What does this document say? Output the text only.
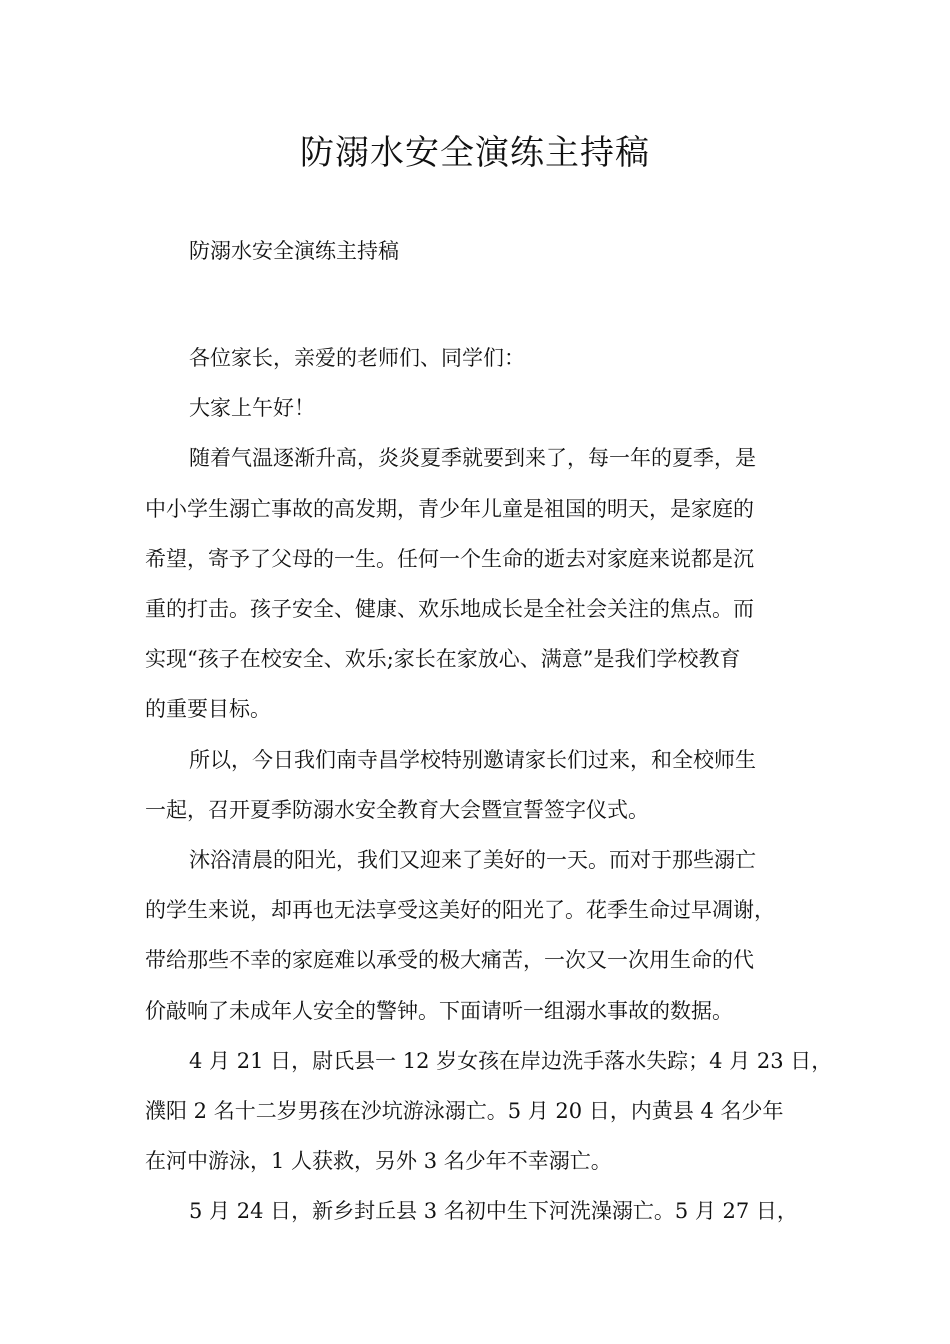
防溺水安全演练主持稿

防溺水安全演练主持稿

各位家长，亲爱的老师们、同学们：

大家上午好！

随着气温逐渐升高，炎炎夏季就要到来了，每一年的夏季，是
中小学生溺亡事故的高发期，青少年儿童是祖国的明天，是家庭的
希望，寄予了父母的一生。任何一个生命的逝去对家庭来说都是沉
重的打击。孩子安全、健康、欢乐地成长是全社会关注的焦点。而
实现“孩子在校安全、欢乐;家长在家放心、满意”是我们学校教育
的重要目标。

所以，今日我们南寺昌学校特别邀请家长们过来，和全校师生
一起，召开夏季防溺水安全教育大会暨宣誓签字仪式。

沐浴清晨的阳光，我们又迎来了美好的一天。而对于那些溺亡
的学生来说，却再也无法享受这美好的阳光了。花季生命过早凋谢，
带给那些不幸的家庭难以承受的极大痛苦，一次又一次用生命的代
价敲响了未成年人安全的警钟。下面请听一组溺水事故的数据。

4 月 21 日，尉氏县一 12 岁女孩在岸边洗手落水失踪；4 月 23 日，
濮阳 2 名十二岁男孩在沙坑游泳溺亡。5 月 20 日，内黄县 4 名少年
在河中游泳，1 人获救，另外 3 名少年不幸溺亡。

5 月 24 日，新乡封丘县 3 名初中生下河洗澡溺亡。5 月 27 日，
